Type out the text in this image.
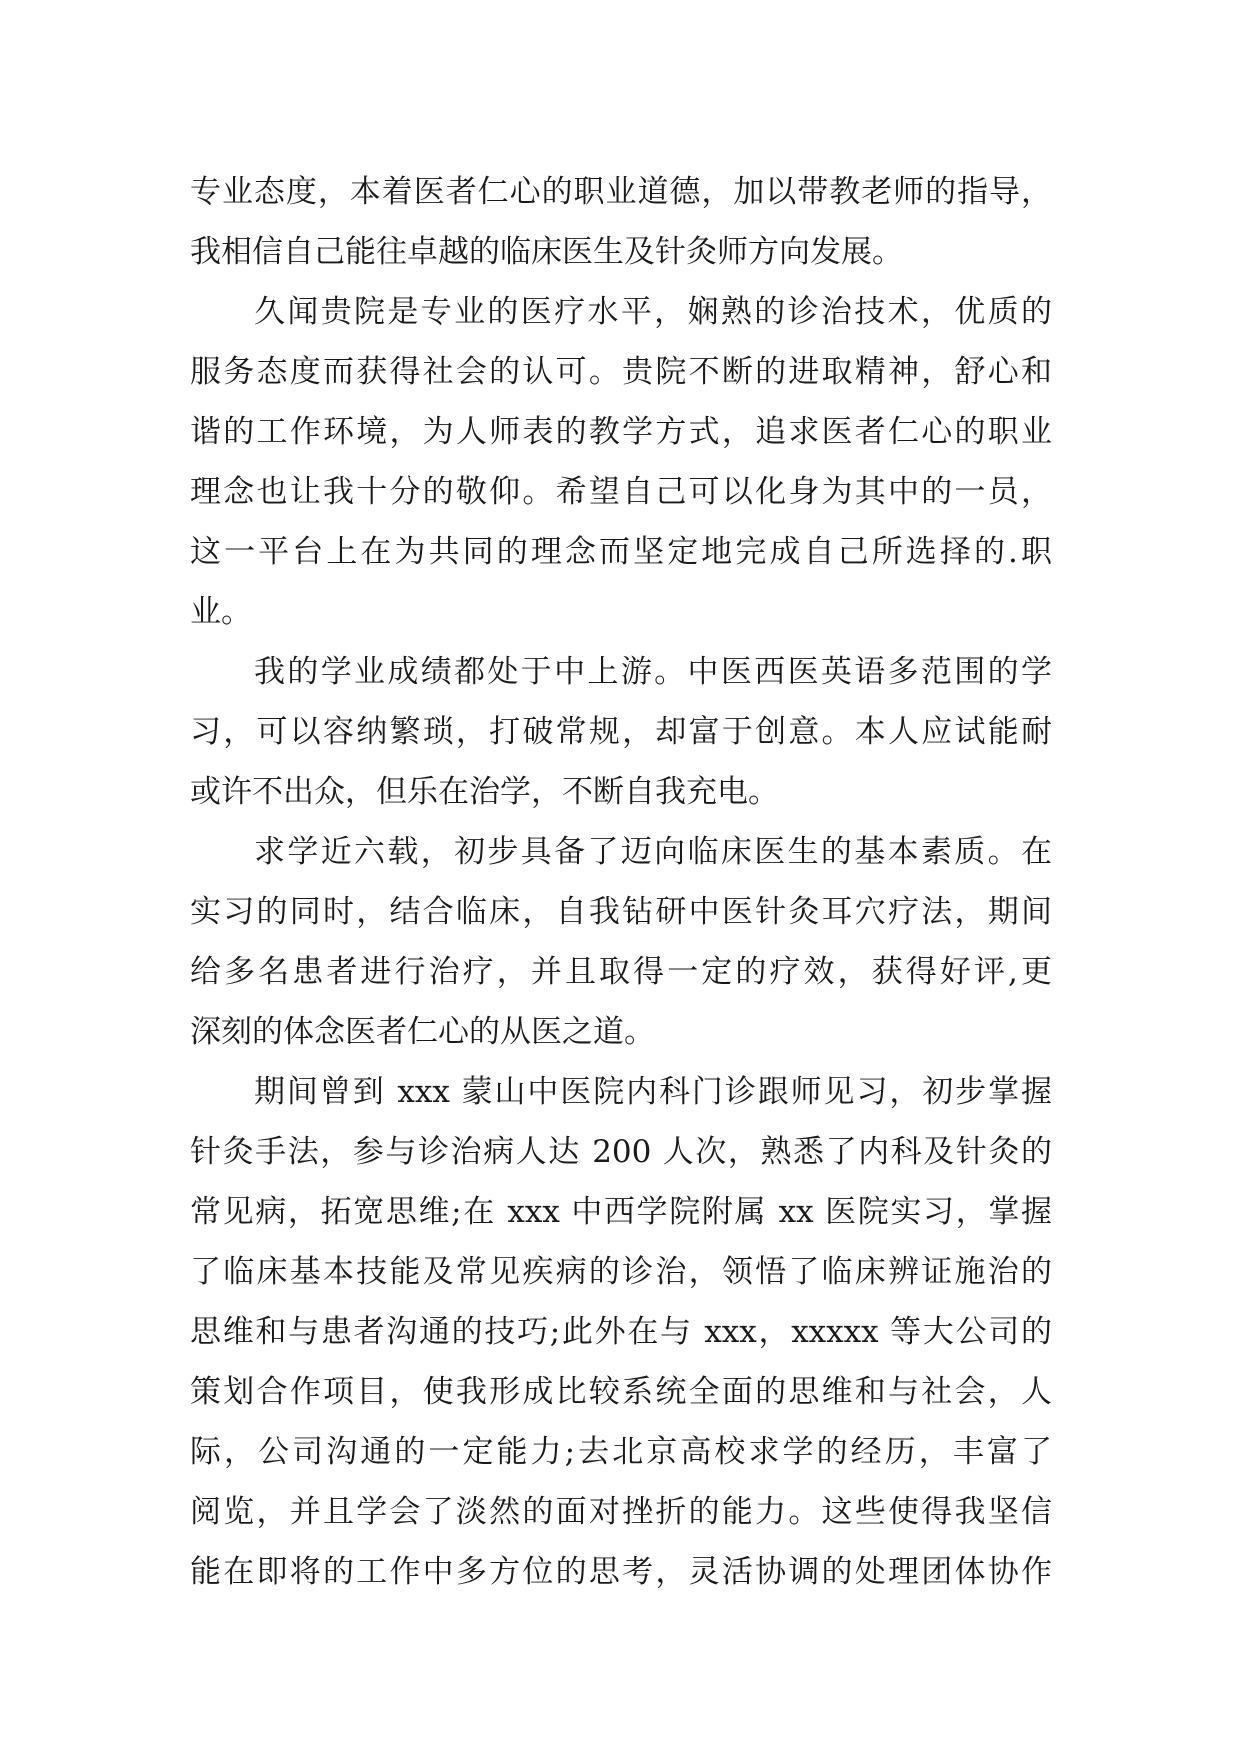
专业态度，本着医者仁心的职业道德，加以带教老师的指导，
我相信自己能往卓越的临床医生及针灸师方向发展。
久闻贵院是专业的医疗水平，娴熟的诊治技术，优质的
服务态度而获得社会的认可。贵院不断的进取精神，舒心和
谐的工作环境，为人师表的教学方式，追求医者仁心的职业
理念也让我十分的敬仰。希望自己可以化身为其中的一员，
这一平台上在为共同的理念而坚定地完成自己所选择的.职
业。
我的学业成绩都处于中上游。中医西医英语多范围的学
习，可以容纳繁琐，打破常规，却富于创意。本人应试能耐
或许不出众，但乐在治学，不断自我充电。
求学近六载，初步具备了迈向临床医生的基本素质。在
实习的同时，结合临床，自我钻研中医针灸耳穴疗法，期间
给多名患者进行治疗，并且取得一定的疗效，获得好评,更
深刻的体念医者仁心的从医之道。
期间曾到 xxx 蒙山中医院内科门诊跟师见习，初步掌握
针灸手法，参与诊治病人达 200 人次，熟悉了内科及针灸的
常见病，拓宽思维;在 xxx 中西学院附属 xx 医院实习，掌握
了临床基本技能及常见疾病的诊治，领悟了临床辨证施治的
思维和与患者沟通的技巧;此外在与 xxx，xxxxx 等大公司的
策划合作项目，使我形成比较系统全面的思维和与社会，人
际，公司沟通的一定能力;去北京高校求学的经历，丰富了
阅览，并且学会了淡然的面对挫折的能力。这些使得我坚信
能在即将的工作中多方位的思考，灵活协调的处理团体协作
